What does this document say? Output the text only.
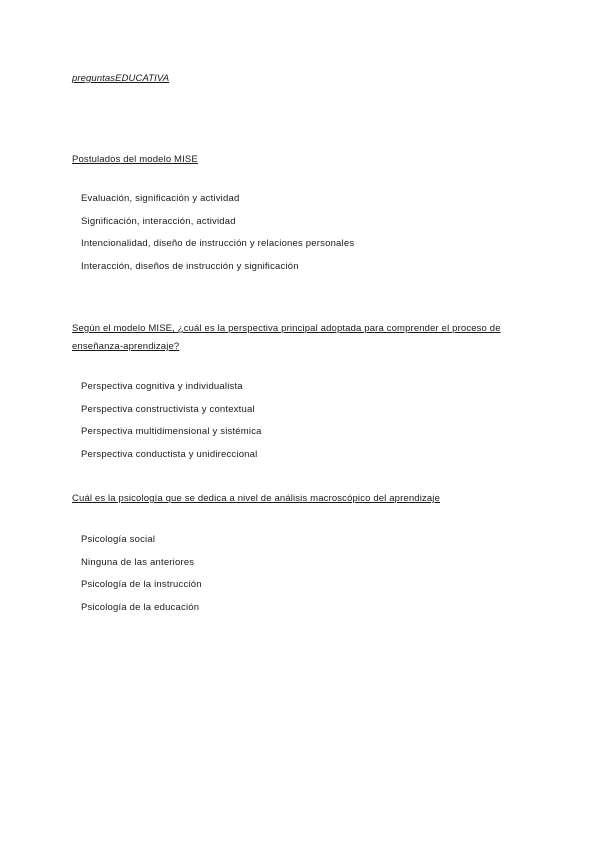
preguntasEDUCATIVA
Postulados del modelo MISE
Evaluación, significación y actividad
Significación, interacción, actividad
Intencionalidad, diseño de instrucción y relaciones personales
Interacción, diseños de instrucción y significación
Según el modelo MISE, ¿cuál es la perspectiva principal adoptada para comprender el proceso de enseñanza-aprendizaje?
Perspectiva cognitiva y individualista
Perspectiva constructivista y contextual
Perspectiva multidimensional y sistémica
Perspectiva conductista y unidireccional
Cuál es la psicología que se dedica a nivel de análisis macroscópico del aprendizaje
Psicología social
Ninguna de las anteriores
Psicología de la instrucción
Psicología de la educación
